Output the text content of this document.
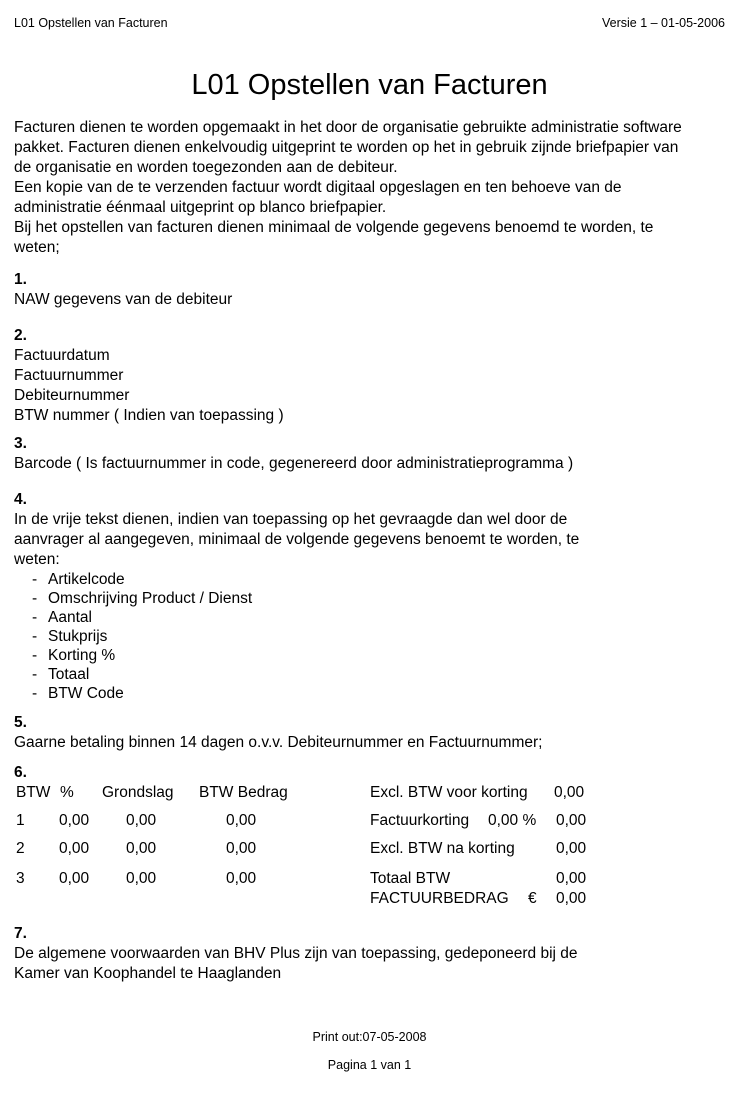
L01 Opstellen van Facturen	Versie 1 – 01-05-2006
L01 Opstellen van Facturen
Facturen dienen te worden opgemaakt in het door de organisatie gebruikte administratie software
pakket. Facturen dienen enkelvoudig uitgeprint te worden op het in gebruik zijnde briefpapier van
de organisatie en worden toegezonden aan de debiteur.
Een kopie van de te verzenden factuur wordt digitaal opgeslagen en ten behoeve van de
administratie éénmaal uitgeprint op blanco briefpapier.
Bij het opstellen van facturen dienen minimaal de volgende gegevens benoemd te worden, te
weten;
1.
NAW gegevens van de debiteur
2.
Factuurdatum
Factuurnummer
Debiteurnummer
BTW nummer ( Indien van toepassing )
3.
Barcode ( Is factuurnummer in code, gegenereerd door administratieprogramma )
4.
In de vrije tekst dienen, indien van toepassing op het gevraagde dan wel door de
aanvrager al aangegeven, minimaal de volgende gegevens benoemt te worden, te
weten:
- Artikelcode
- Omschrijving Product / Dienst
- Aantal
- Stukprijs
- Korting %
- Totaal
- BTW Code
5.
Gaarne betaling binnen 14 dagen o.v.v. Debiteurnummer en Factuurnummer;
6.
BTW % Grondslag BTW Bedrag	Excl. BTW voor korting 0,00
1 0,00 0,00	0,00	Factuurkorting 0,00 % 0,00
2 0,00 0,00	0,00	Excl. BTW na korting	0,00
3 0,00 0,00	0,00	Totaal BTW	0,00
FACTUURBEDRAG € 0,00
7.
De algemene voorwaarden van BHV Plus zijn van toepassing, gedeponeerd bij de
Kamer van Koophandel te Haaglanden
Print out:07-05-2008
Pagina 1 van 1
